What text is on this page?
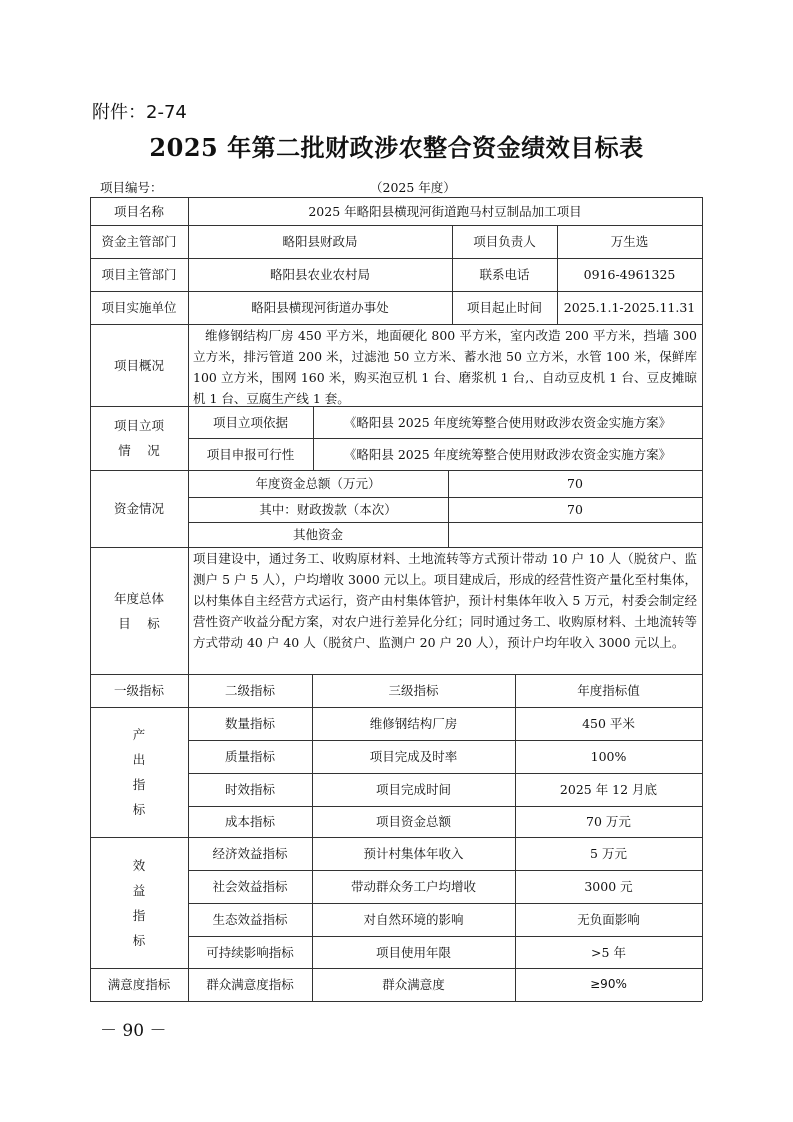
附件：2-74
2025 年第二批财政涉农整合资金绩效目标表
项目编号：	（2025 年度）
项目名称	2025 年略阳县横现河街道跑马村豆制品加工项目
资金主管部门	略阳县财政局	项目负责人	万生选
项目主管部门	略阳县农业农村局	联系电话	0916-4961325
项目实施单位	略阳县横现河街道办事处	项目起止时间	2025.1.1-2025.11.31
项目概况
维修钢结构厂房 450 平方米，地面硬化 800 平方米，室内改造 200 平方米，挡墙 300 立方米，排污管道 200 米，过滤池 50 立方米、蓄水池 50 立方米，水管 100 米，保鲜库 100 立方米，围网 160 米，购买泡豆机 1 台、磨浆机 1 台,、自动豆皮机 1 台、豆皮摊晾机 1 台、豆腐生产线 1 套。
项目立项
情　 况
项目立项依据	《略阳县 2025 年度统筹整合使用财政涉农资金实施方案》
项目申报可行性	《略阳县 2025 年度统筹整合使用财政涉农资金实施方案》
资金情况
年度资金总额（万元）	70
其中：财政拨款（本次）	70
其他资金
年度总体
目　 标
项目建设中，通过务工、收购原材料、土地流转等方式预计带动 10 户 10 人（脱贫户、监测户 5 户 5 人），户均增收 3000 元以上。项目建成后，形成的经营性资产量化至村集体，以村集体自主经营方式运行，资产由村集体管护，预计村集体年收入 5 万元，村委会制定经营性资产收益分配方案，对农户进行差异化分红；同时通过务工、收购原材料、土地流转等方式带动 40 户 40 人（脱贫户、监测户 20 户 20 人），预计户均年收入 3000 元以上。
一级指标	二级指标	三级指标	年度指标值
产
出
指
标
数量指标	维修钢结构厂房	450 平米
质量指标	项目完成及时率	100%
时效指标	项目完成时间	2025 年 12 月底
成本指标	项目资金总额	70 万元
效
益
指
标
经济效益指标	预计村集体年收入	5 万元
社会效益指标	带动群众务工户均增收	3000 元
生态效益指标	对自然环境的影响	无负面影响
可持续影响指标	项目使用年限	>5 年
满意度指标	群众满意度指标	群众满意度	≥90%
－ 90 －
